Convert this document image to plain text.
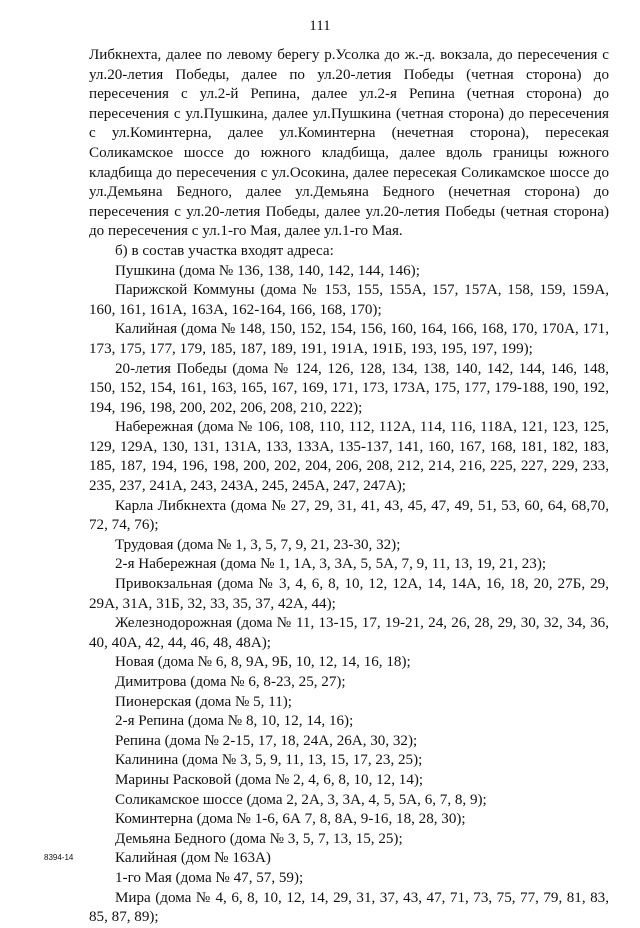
111

Либкнехта, далее по левому берегу р.Усолка до ж.-д. вокзала, до пересечения с ул.20-летия Победы, далее по ул.20-летия Победы (четная сторона) до пересечения с ул.2-й Репина, далее ул.2-я Репина (четная сторона) до пересечения с ул.Пушкина, далее ул.Пушкина (четная сторона) до пересечения с ул.Коминтерна, далее ул.Коминтерна (нечетная сторона), пересекая Соликамское шоссе до южного кладбища, далее вдоль границы южного кладбища до пересечения с ул.Осокина, далее пересекая Соликамское шоссе до ул.Демьяна Бедного, далее ул.Демьяна Бедного (нечетная сторона) до пересечения с ул.20-летия Победы, далее ул.20-летия Победы (четная сторона) до пересечения с ул.1-го Мая, далее ул.1-го Мая.

б) в состав участка входят адреса:

Пушкина (дома № 136, 138, 140, 142, 144, 146);

Парижской Коммуны (дома № 153, 155, 155А, 157, 157А, 158, 159, 159А, 160, 161, 161А, 163А, 162-164, 166, 168, 170);

Калийная (дома № 148, 150, 152, 154, 156, 160, 164, 166, 168, 170, 170А, 171, 173, 175, 177, 179, 185, 187, 189, 191, 191А, 191Б, 193, 195, 197, 199);

20-летия Победы (дома № 124, 126, 128, 134, 138, 140, 142, 144, 146, 148, 150, 152, 154, 161, 163, 165, 167, 169, 171, 173, 173А, 175, 177, 179-188, 190, 192, 194, 196, 198, 200, 202, 206, 208, 210, 222);

Набережная (дома № 106, 108, 110, 112, 112А, 114, 116, 118А, 121, 123, 125, 129, 129А, 130, 131, 131А, 133, 133А, 135-137, 141, 160, 167, 168, 181, 182, 183, 185, 187, 194, 196, 198, 200, 202, 204, 206, 208, 212, 214, 216, 225, 227, 229, 233, 235, 237, 241А, 243, 243А, 245, 245А, 247, 247А);

Карла Либкнехта (дома № 27, 29, 31, 41, 43, 45, 47, 49, 51, 53, 60, 64, 68,70, 72, 74, 76);

Трудовая (дома № 1, 3, 5, 7, 9, 21, 23-30, 32);

2-я Набережная (дома № 1, 1А, 3, 3А, 5, 5А, 7, 9, 11, 13, 19, 21, 23);

Привокзальная (дома № 3, 4, 6, 8, 10, 12, 12А, 14, 14А, 16, 18, 20, 27Б, 29, 29А, 31А, 31Б, 32, 33, 35, 37, 42А, 44);

Железнодорожная (дома № 11, 13-15, 17, 19-21, 24, 26, 28, 29, 30, 32, 34, 36, 40, 40А, 42, 44, 46, 48, 48А);

Новая (дома № 6, 8, 9А, 9Б, 10, 12, 14, 16, 18);

Димитрова (дома № 6, 8-23, 25, 27);

Пионерская (дома № 5, 11);

2-я Репина (дома № 8, 10, 12, 14, 16);

Репина (дома № 2-15, 17, 18, 24А, 26А, 30, 32);

Калинина (дома № 3, 5, 9, 11, 13, 15, 17, 23, 25);

Марины Расковой (дома № 2, 4, 6, 8, 10, 12, 14);

Соликамское шоссе (дома 2, 2А, 3, 3А, 4, 5, 5А, 6, 7, 8, 9);

Коминтерна (дома № 1-6, 6А 7, 8, 8А, 9-16, 18, 28, 30);

Демьяна Бедного (дома № 3, 5, 7, 13, 15, 25);

Калийная (дом № 163А)

1-го Мая (дома № 47, 57, 59);

Мира (дома № 4, 6, 8, 10, 12, 14, 29, 31, 37, 43, 47, 71, 73, 75, 77, 79, 81, 83, 85, 87, 89);

8394-14
